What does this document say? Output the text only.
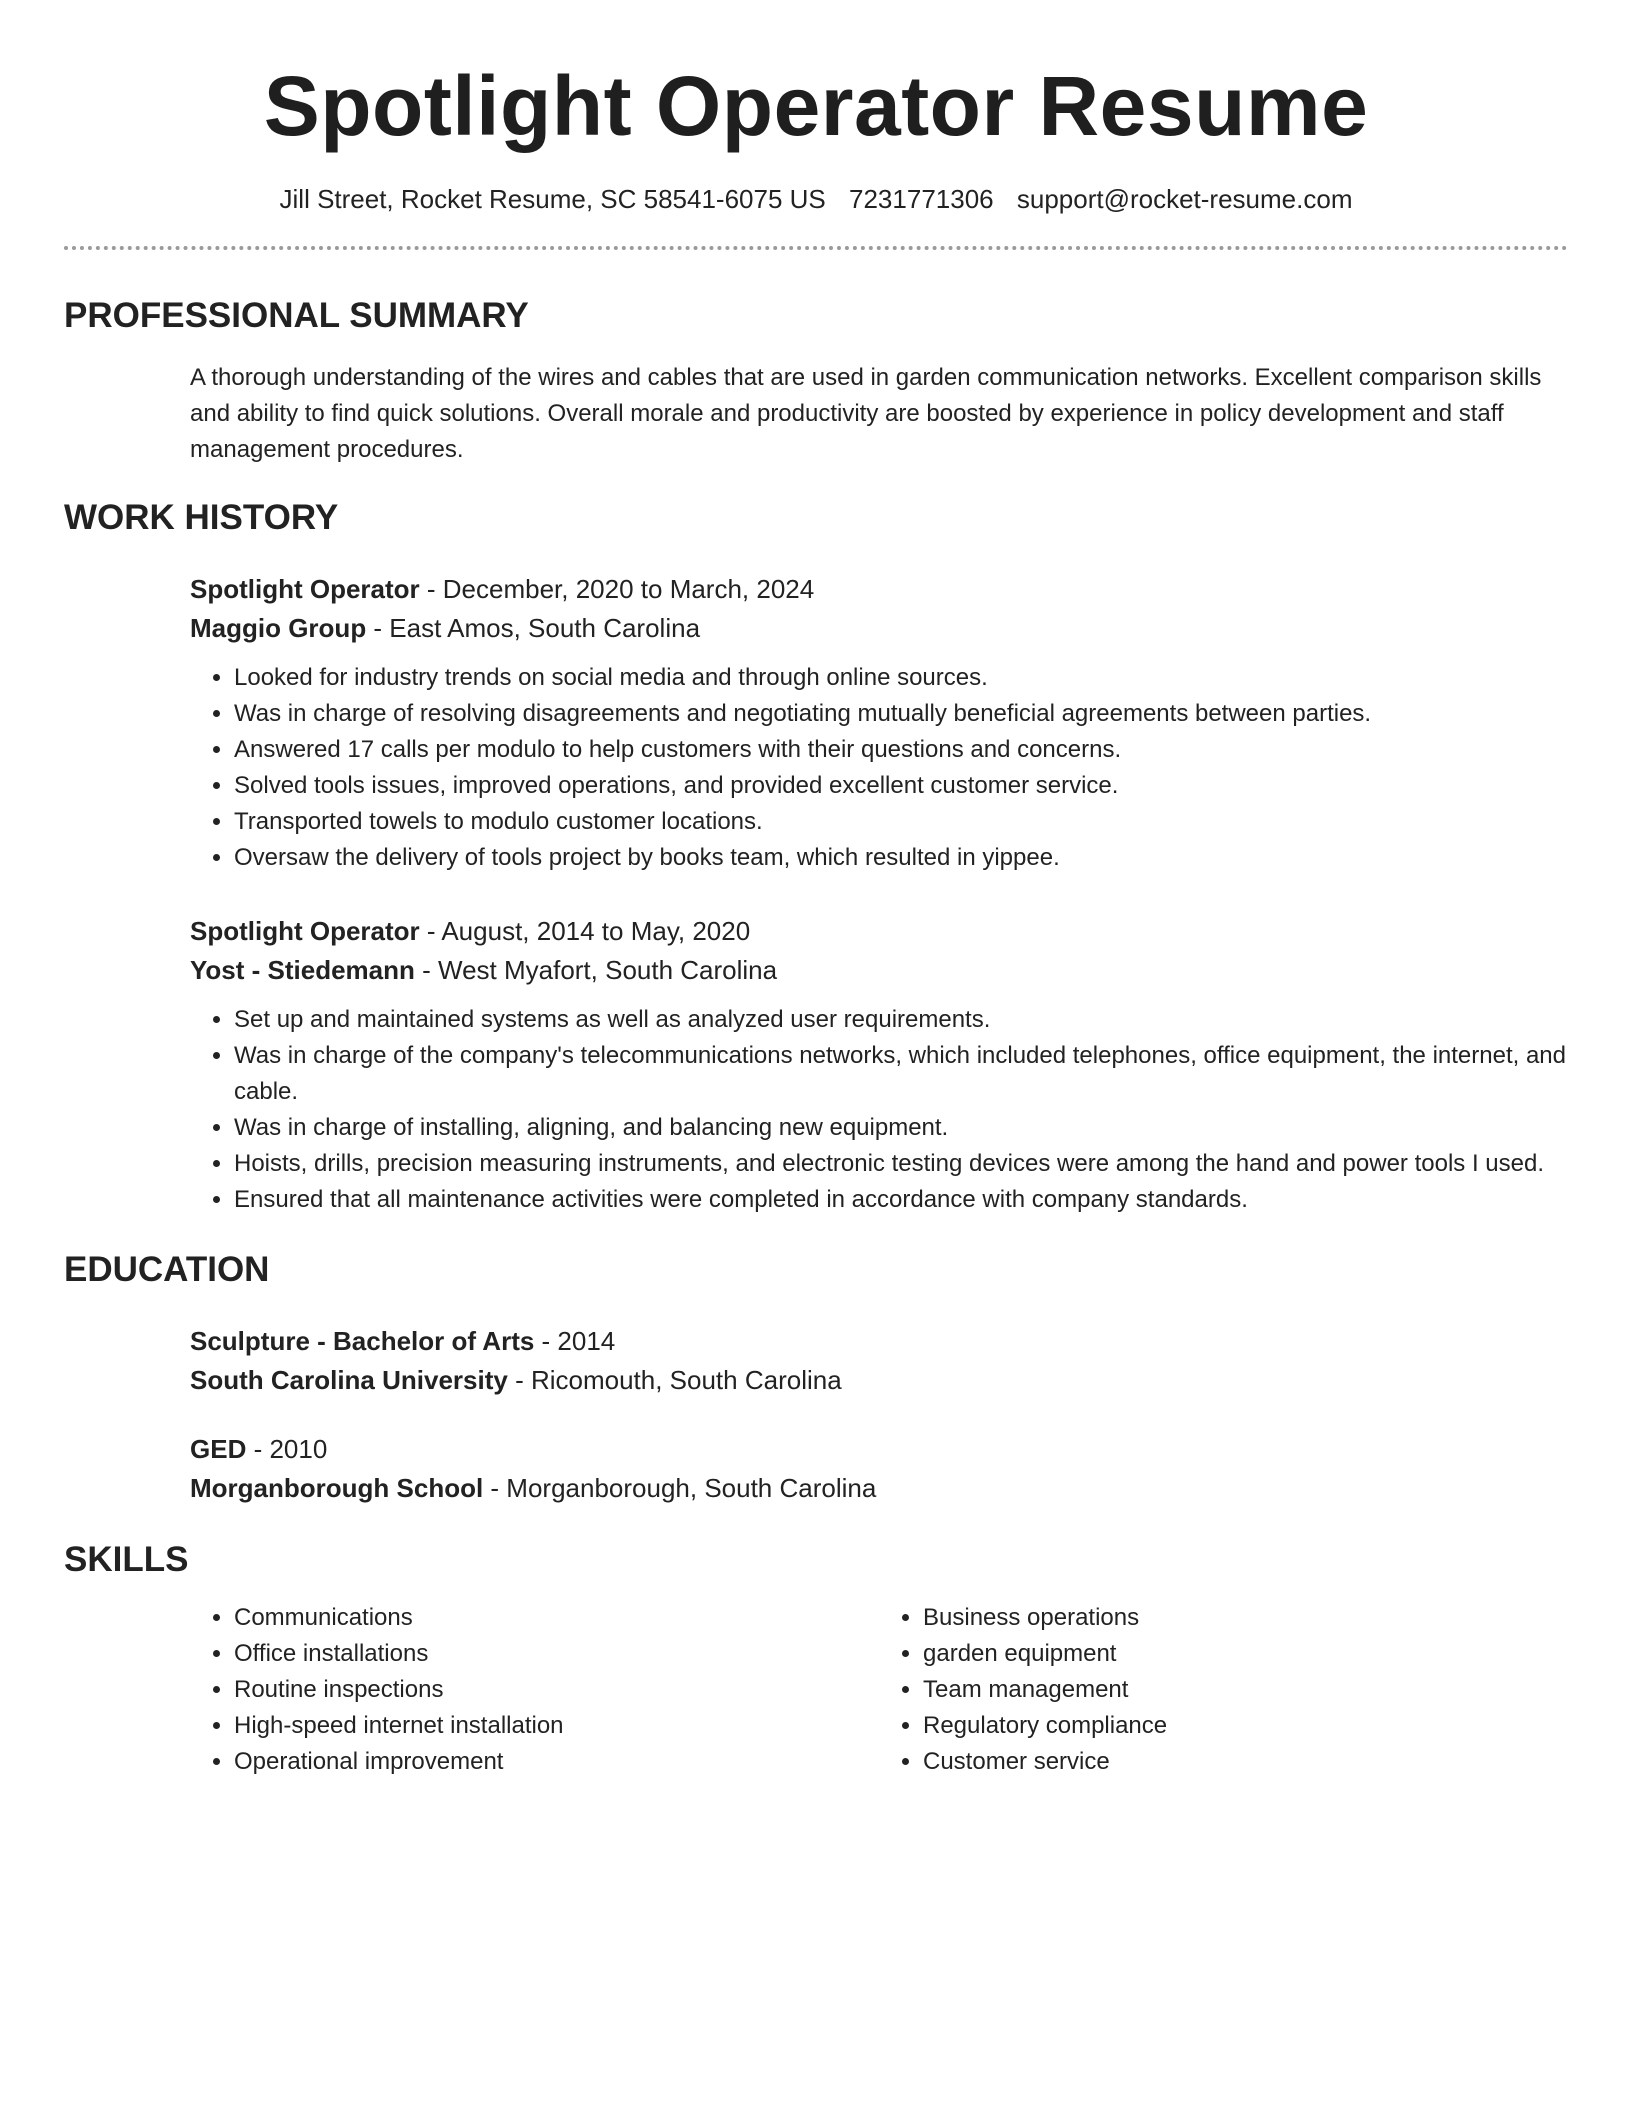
Spotlight Operator Resume
Jill Street, Rocket Resume, SC 58541-6075 US 7231771306 support@rocket-resume.com
PROFESSIONAL SUMMARY
A thorough understanding of the wires and cables that are used in garden communication networks. Excellent comparison skills and ability to find quick solutions. Overall morale and productivity are boosted by experience in policy development and staff management procedures.
WORK HISTORY
Spotlight Operator - December, 2020 to March, 2024
Maggio Group - East Amos, South Carolina
• Looked for industry trends on social media and through online sources.
• Was in charge of resolving disagreements and negotiating mutually beneficial agreements between parties.
• Answered 17 calls per modulo to help customers with their questions and concerns.
• Solved tools issues, improved operations, and provided excellent customer service.
• Transported towels to modulo customer locations.
• Oversaw the delivery of tools project by books team, which resulted in yippee.
Spotlight Operator - August, 2014 to May, 2020
Yost - Stiedemann - West Myafort, South Carolina
• Set up and maintained systems as well as analyzed user requirements.
• Was in charge of the company's telecommunications networks, which included telephones, office equipment, the internet, and cable.
• Was in charge of installing, aligning, and balancing new equipment.
• Hoists, drills, precision measuring instruments, and electronic testing devices were among the hand and power tools I used.
• Ensured that all maintenance activities were completed in accordance with company standards.
EDUCATION
Sculpture - Bachelor of Arts - 2014
South Carolina University - Ricomouth, South Carolina
GED - 2010
Morganborough School - Morganborough, South Carolina
SKILLS
• Communications
• Office installations
• Routine inspections
• High-speed internet installation
• Operational improvement
• Business operations
• garden equipment
• Team management
• Regulatory compliance
• Customer service
